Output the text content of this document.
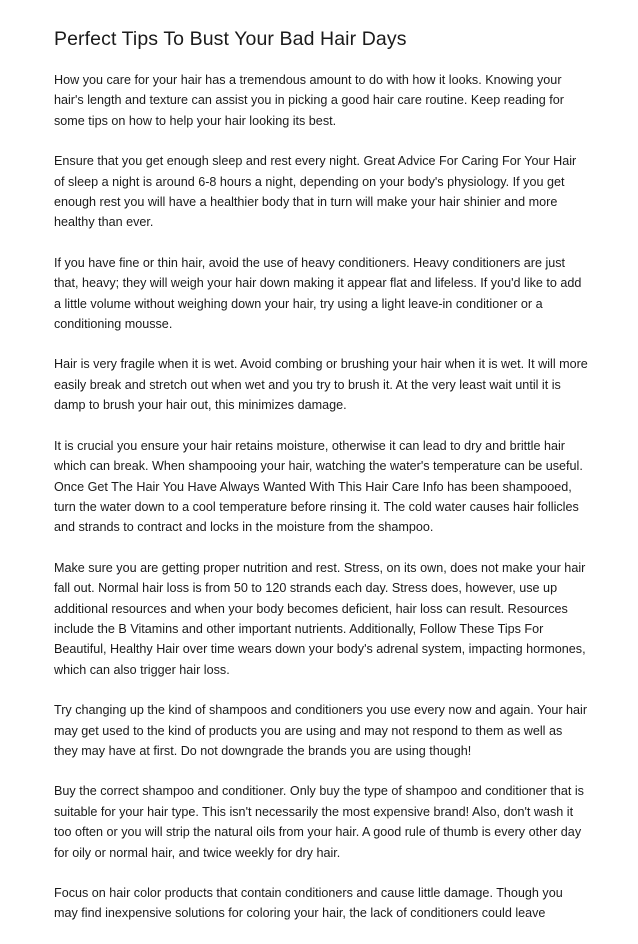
Perfect Tips To Bust Your Bad Hair Days

How you care for your hair has a tremendous amount to do with how it looks. Knowing your hair's length and texture can assist you in picking a good hair care routine. Keep reading for some tips on how to help your hair looking its best.

Ensure that you get enough sleep and rest every night. Great Advice For Caring For Your Hair of sleep a night is around 6-8 hours a night, depending on your body's physiology. If you get enough rest you will have a healthier body that in turn will make your hair shinier and more healthy than ever.

If you have fine or thin hair, avoid the use of heavy conditioners. Heavy conditioners are just that, heavy; they will weigh your hair down making it appear flat and lifeless. If you'd like to add a little volume without weighing down your hair, try using a light leave-in conditioner or a conditioning mousse.

Hair is very fragile when it is wet. Avoid combing or brushing your hair when it is wet. It will more easily break and stretch out when wet and you try to brush it. At the very least wait until it is damp to brush your hair out, this minimizes damage.

It is crucial you ensure your hair retains moisture, otherwise it can lead to dry and brittle hair which can break. When shampooing your hair, watching the water's temperature can be useful. Once Get The Hair You Have Always Wanted With This Hair Care Info has been shampooed, turn the water down to a cool temperature before rinsing it. The cold water causes hair follicles and strands to contract and locks in the moisture from the shampoo.

Make sure you are getting proper nutrition and rest. Stress, on its own, does not make your hair fall out. Normal hair loss is from 50 to 120 strands each day. Stress does, however, use up additional resources and when your body becomes deficient, hair loss can result. Resources include the B Vitamins and other important nutrients. Additionally, Follow These Tips For Beautiful, Healthy Hair over time wears down your body's adrenal system, impacting hormones, which can also trigger hair loss.

Try changing up the kind of shampoos and conditioners you use every now and again. Your hair may get used to the kind of products you are using and may not respond to them as well as they may have at first. Do not downgrade the brands you are using though!

Buy the correct shampoo and conditioner. Only buy the type of shampoo and conditioner that is suitable for your hair type. This isn't necessarily the most expensive brand! Also, don't wash it too often or you will strip the natural oils from your hair. A good rule of thumb is every other day for oily or normal hair, and twice weekly for dry hair.

Focus on hair color products that contain conditioners and cause little damage. Though you may find inexpensive solutions for coloring your hair, the lack of conditioners could leave
